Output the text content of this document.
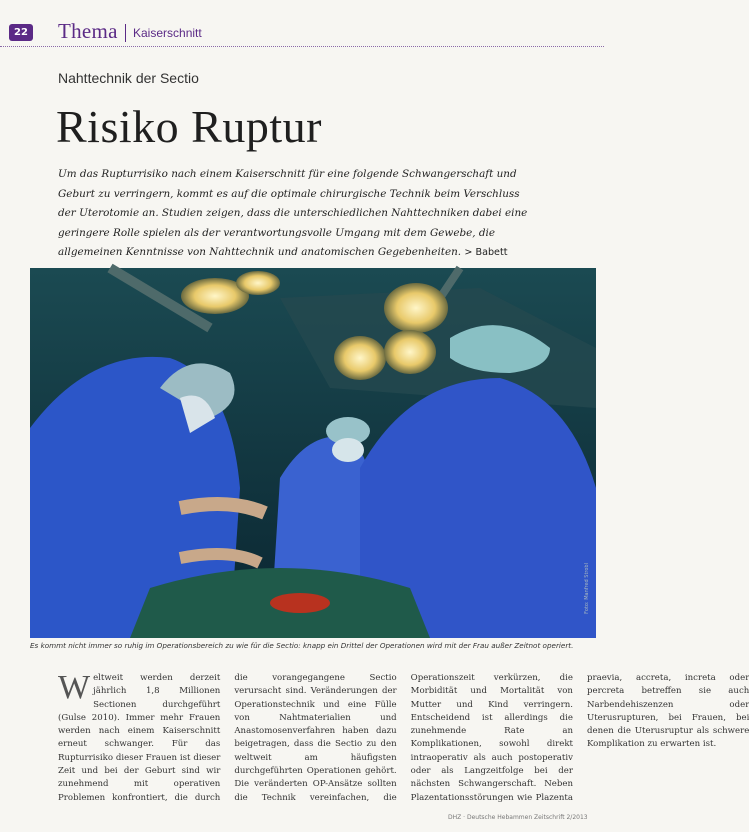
22 Thema Kaiserschnitt
Nahttechnik der Sectio
Risiko Ruptur
Um das Rupturrisiko nach einem Kaiserschnitt für eine folgende Schwangerschaft und Geburt zu verringern, kommt es auf die optimale chirurgische Technik beim Verschluss der Uterotomie an. Studien zeigen, dass die unterschiedlichen Nahttechniken dabei eine geringere Rolle spielen als der verantwortungsvolle Umgang mit dem Gewebe, die allgemeinen Kenntnisse von Nahttechnik und anatomischen Gegebenheiten. > Babett
Foto: Manfred Strobl
Es kommt nicht immer so ruhig im Operationsbereich zu wie für die Sectio: knapp ein Drittel der Operationen wird mit der Frau außer Zeitnot operiert.
W eltweit werden derzeit jährlich 1,8 Millionen Sectionen durchgeführt (Gulse 2010). Immer mehr Frauen werden nach einem Kaiserschnitt erneut schwanger. Für das Rupturrisiko dieser Frauen ist dieser Zeit und bei der Geburt sind wir zunehmend mit operativen Problemen konfrontiert, die durch die vorangegangene Sectio verursacht sind. Veränderungen der Operationstechnik und eine Fülle von Nahtmaterialien und Anastomosenverfahren haben dazu beigetragen, dass die Sectio zu den weltweit am häufigsten durchgeführten Operationen gehört. Die veränderten OP-Ansätze sollten die Technik vereinfachen, die Operationszeit verkürzen, die Morbidität und Mortalität von Mutter und Kind verringern. Entscheidend ist allerdings die zunehmende Rate an Komplikationen, sowohl direkt intraoperativ als auch postoperativ oder als Langzeitfolge bei der nächsten Schwangerschaft. Neben Plazentationsstörungen wie Plazenta praevia, accreta, increta oder percreta betreffen sie auch Narbendehiszenzen oder Uterusrupturen, bei Frauen, bei denen die Uterusruptur als schwere Komplikation zu erwarten ist.
DHZ · Deutsche Hebammen Zeitschrift 2/2013
